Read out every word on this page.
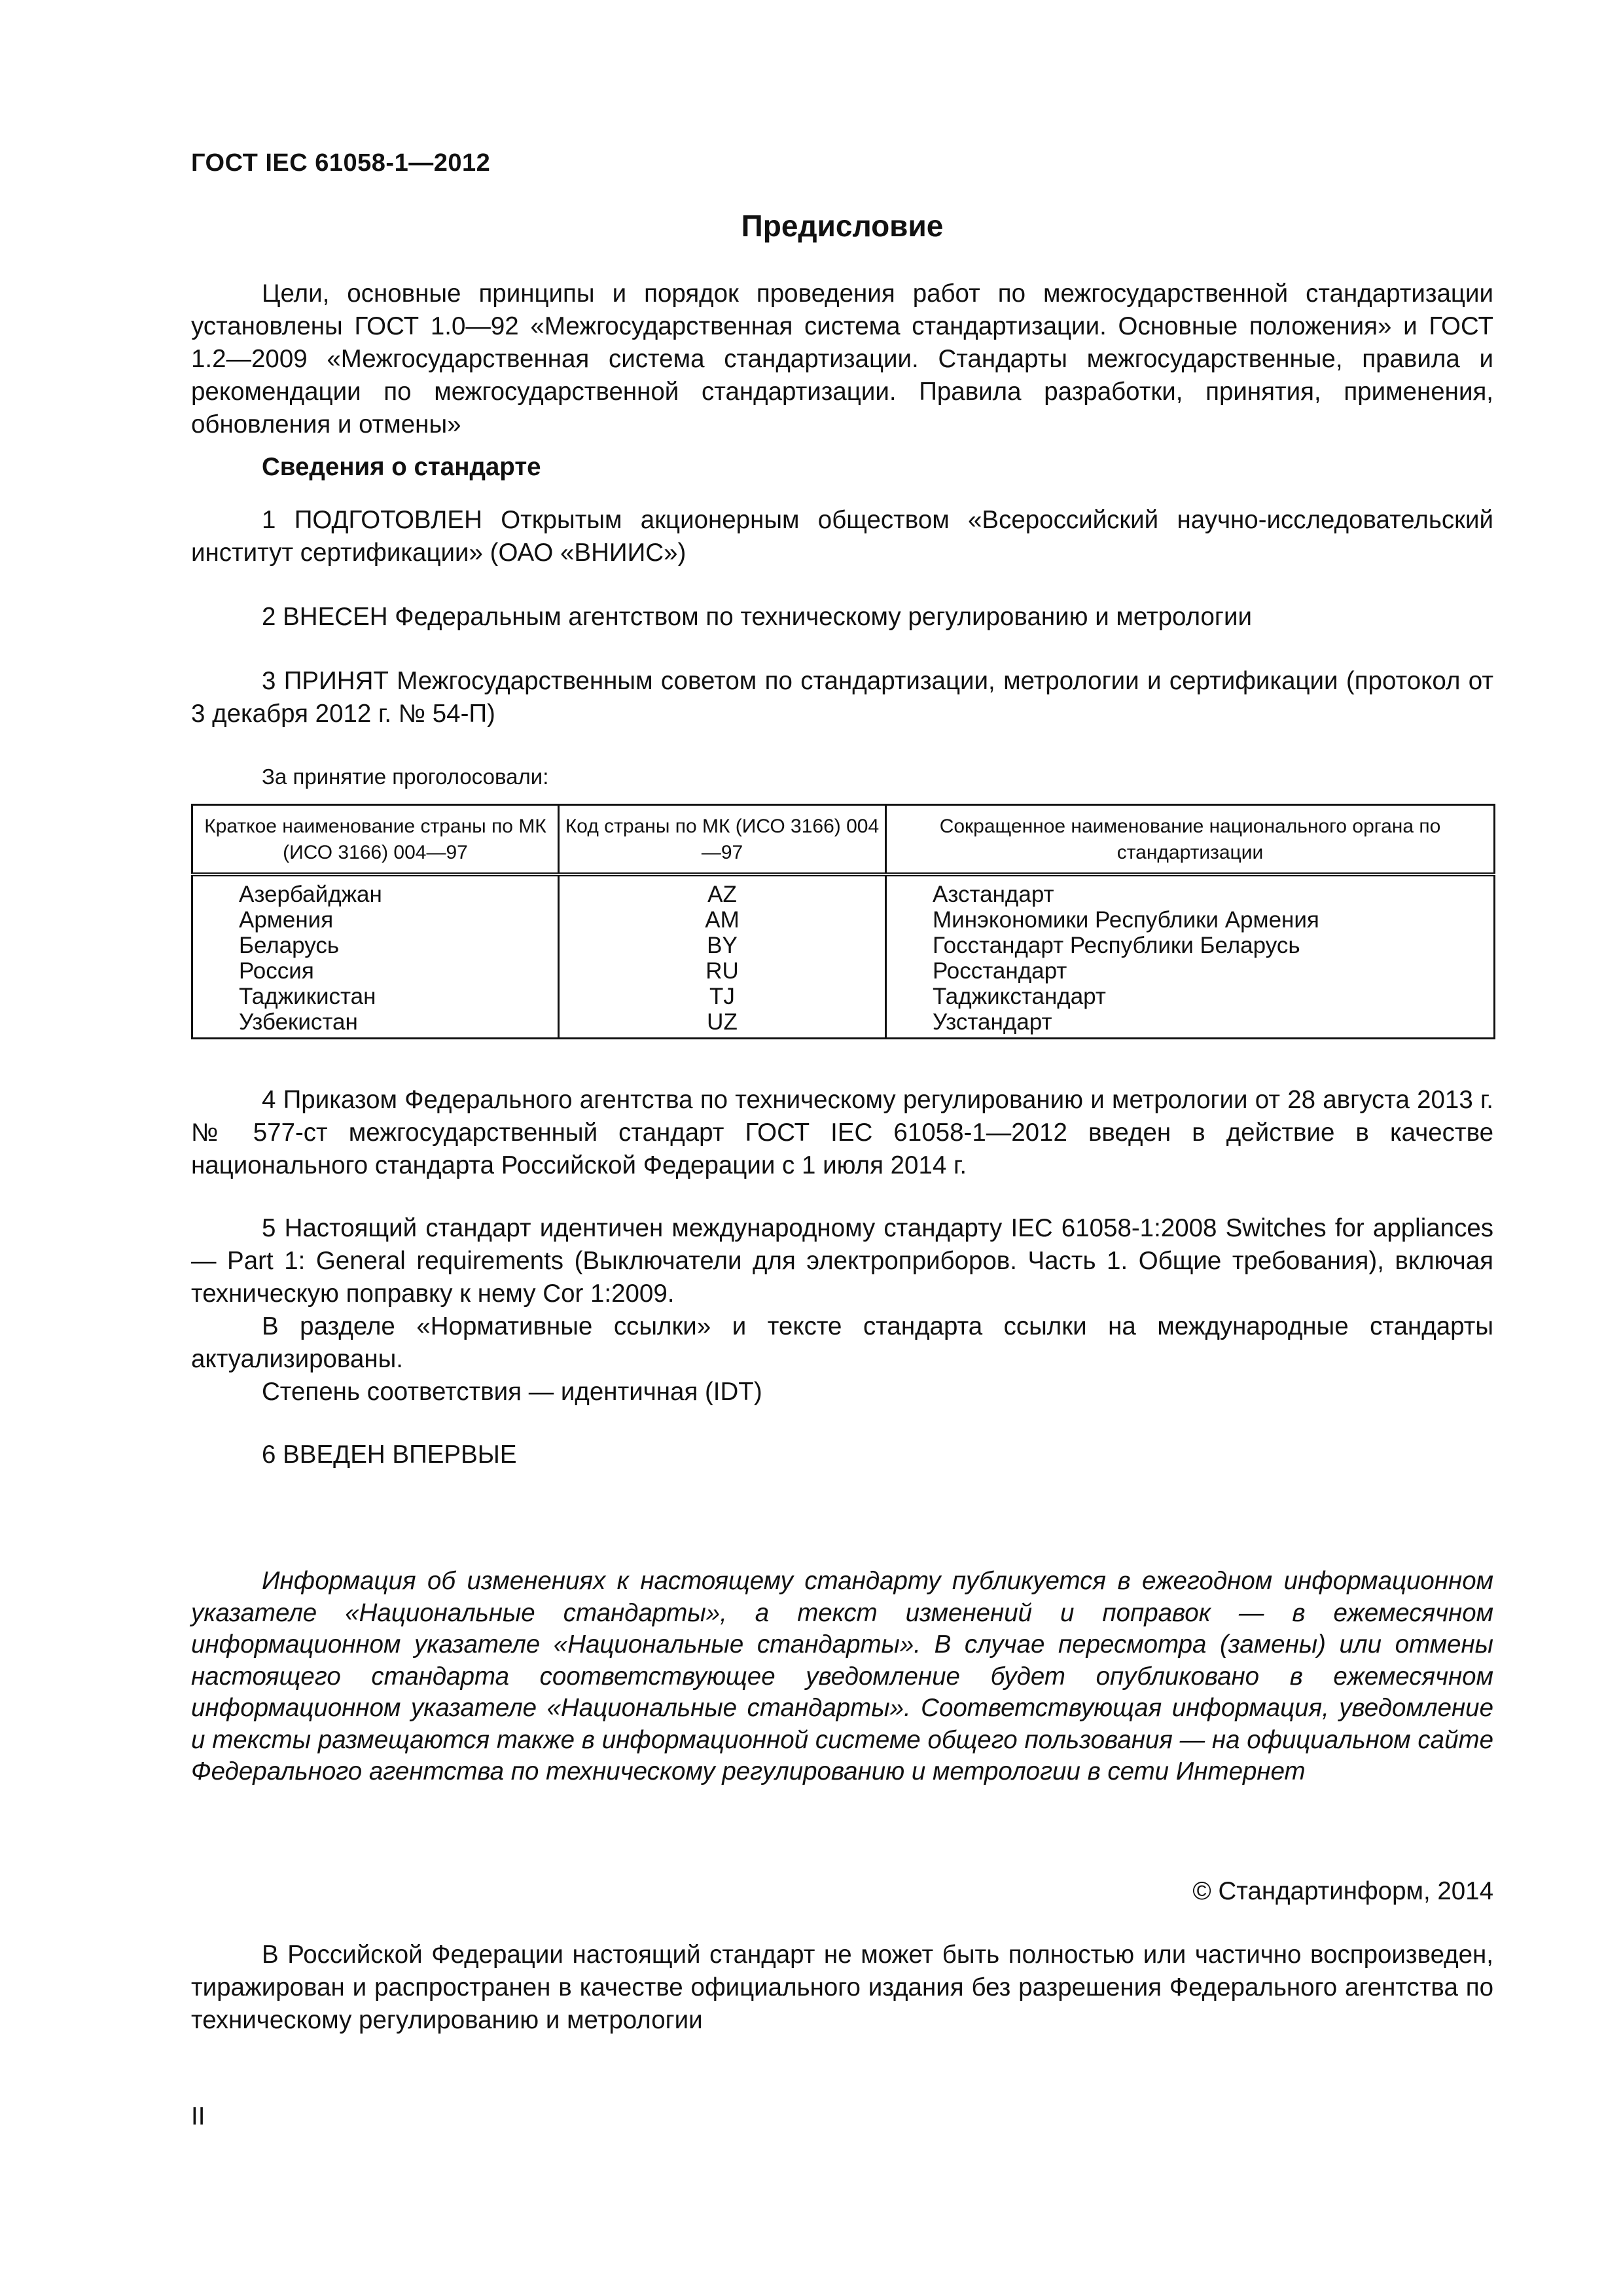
ГОСТ IEC 61058-1—2012
Предисловие

Цели, основные принципы и порядок проведения работ по межгосударственной стандартизации установлены ГОСТ 1.0—92 «Межгосударственная система стандартизации. Основные положения» и ГОСТ 1.2—2009 «Межгосударственная система стандартизации. Стандарты межгосударственные, правила и рекомендации по межгосударственной стандартизации. Правила разработки, принятия, применения, обновления и отмены»

Сведения о стандарте

1 ПОДГОТОВЛЕН Открытым акционерным обществом «Всероссийский научно-исследовательский институт сертификации» (ОАО «ВНИИС»)

2 ВНЕСЕН Федеральным агентством по техническому регулированию и метрологии

3 ПРИНЯТ Межгосударственным советом по стандартизации, метрологии и сертификации (протокол от 3 декабря 2012 г. № 54-П)

За принятие проголосовали:
Краткое наименование страны по МК (ИСО 3166) 004—97	Код страны по МК (ИСО 3166) 004—97	Сокращенное наименование национального органа по стандартизации
Азербайджан	AZ	Азстандарт
Армения	AM	Минэкономики Республики Армения
Беларусь	BY	Госстандарт Республики Беларусь
Россия	RU	Росстандарт
Таджикистан	TJ	Таджикстандарт
Узбекистан	UZ	Узстандарт

4 Приказом Федерального агентства по техническому регулированию и метрологии от 28 августа 2013 г. № 577-ст межгосударственный стандарт ГОСТ IEC 61058-1—2012 введен в действие в качестве национального стандарта Российской Федерации с 1 июля 2014 г.

5 Настоящий стандарт идентичен международному стандарту IEC 61058-1:2008 Switches for appliances — Part 1: General requirements (Выключатели для электроприборов. Часть 1. Общие требования), включая техническую поправку к нему Cor 1:2009.

В разделе «Нормативные ссылки» и тексте стандарта ссылки на международные стандарты актуализированы.

Степень соответствия — идентичная (IDT)

6 ВВЕДЕН ВПЕРВЫЕ

Информация об изменениях к настоящему стандарту публикуется в ежегодном информационном указателе «Национальные стандарты», а текст изменений и поправок — в ежемесячном информационном указателе «Национальные стандарты». В случае пересмотра (замены) или отмены настоящего стандарта соответствующее уведомление будет опубликовано в ежемесячном информационном указателе «Национальные стандарты». Соответствующая информация, уведомление и тексты размещаются также в информационной системе общего пользования — на официальном сайте Федерального агентства по техническому регулированию и метрологии в сети Интернет

© Стандартинформ, 2014

В Российской Федерации настоящий стандарт не может быть полностью или частично воспроизведен, тиражирован и распространен в качестве официального издания без разрешения Федерального агентства по техническому регулированию и метрологии

II
